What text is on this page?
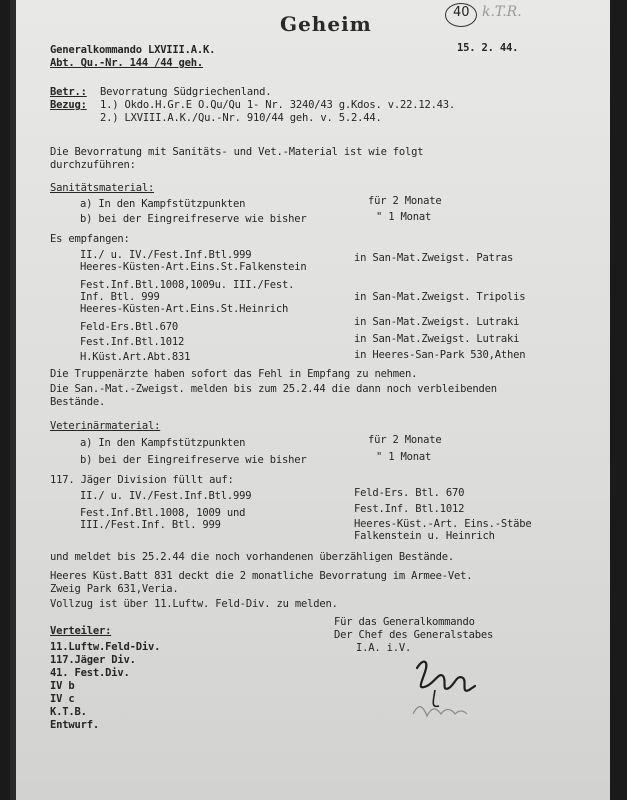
Geheim	40 k.T.R.
Generalkommando LXVIII.A.K.
Abt. Qu.-Nr. 144 /44 geh.
15. 2. 44.
Betr.: Bevorratung Südgriechenland.
Bezug: 1.) Okdo.H.Gr.E O.Qu/Qu 1- Nr. 3240/43 g.Kdos. v.22.12.43.
2.) LXVIII.A.K./Qu.-Nr. 910/44 geh. v. 5.2.44.
Die Bevorratung mit Sanitäts- und Vet.-Material ist wie folgt
durchzuführen:
Sanitätsmaterial:
a) In den Kampfstützpunkten	für 2 Monate
b) bei der Eingreifreserve wie bisher	" 1 Monat
Es empfangen:
II./ u. IV./Fest.Inf.Btl.999
Heeres-Küsten-Art.Eins.St.Falkenstein
in San-Mat.Zweigst. Patras
Fest.Inf.Btl.1008,1009u. III./Fest.
Inf. Btl. 999	in San-Mat.Zweigst. Tripolis
Heeres-Küsten-Art.Eins.St.Heinrich
Feld-Ers.Btl.670	in San-Mat.Zweigst. Lutraki
Fest.Inf.Btl.1012	in San-Mat.Zweigst. Lutraki
H.Küst.Art.Abt.831	in Heeres-San-Park 530,Athen
Die Truppenärzte haben sofort das Fehl in Empfang zu nehmen.
Die San.-Mat.-Zweigst. melden bis zum 25.2.44 die dann noch verbleibenden
Bestände.
Veterinärmaterial:
a) In den Kampfstützpunkten	für 2 Monate
b) bei der Eingreifreserve wie bisher	" 1 Monat
117. Jäger Division füllt auf:
II./ u. IV./Fest.Inf.Btl.999	Feld-Ers. Btl. 670
Fest.Inf.Btl.1008, 1009 und	Fest.Inf. Btl.1012
III./Fest.Inf. Btl. 999	Heeres-Küst.-Art. Eins.-Stäbe
Falkenstein u. Heinrich
und meldet bis 25.2.44 die noch vorhandenen überzähligen Bestände.
Heeres Küst.Batt 831 deckt die 2 monatliche Bevorratung im Armee-Vet.
Zweig Park 631,Veria.
Vollzug ist über 11.Luftw. Feld-Div. zu melden.
Verteiler:
11.Luftw.Feld-Div.
117.Jäger Div.
41. Fest.Div.
IV b
IV c
K.T.B.
Entwurf.
Für das Generalkommando
Der Chef des Generalstabes
I.A. i.V.
